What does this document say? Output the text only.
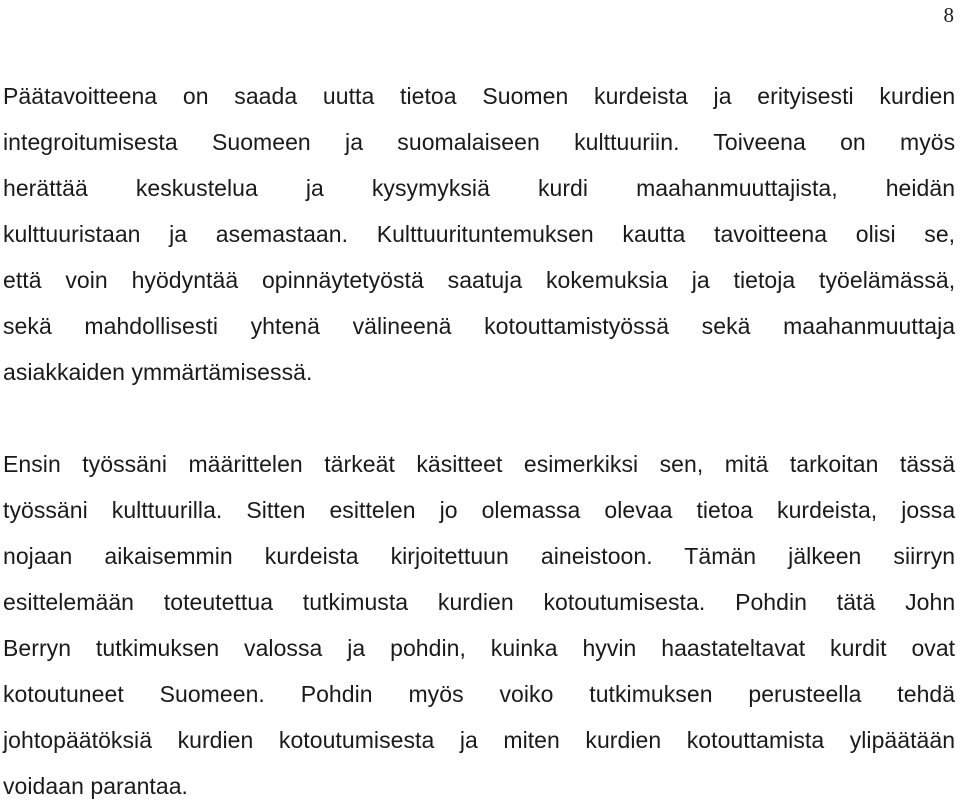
8

Päätavoitteena on saada uutta tietoa Suomen kurdeista ja erityisesti kurdien
integroitumisesta Suomeen ja suomalaiseen kulttuuriin. Toiveena on myös
herättää keskustelua ja kysymyksiä kurdi maahanmuuttajista, heidän
kulttuuristaan ja asemastaan. Kulttuurituntemuksen kautta tavoitteena olisi se,
että voin hyödyntää opinnäytetyöstä saatuja kokemuksia ja tietoja työelämässä,
sekä mahdollisesti yhtenä välineenä kotouttamistyössä sekä maahanmuuttaja
asiakkaiden ymmärtämisessä.

Ensin työssäni määrittelen tärkeät käsitteet esimerkiksi sen, mitä tarkoitan tässä
työssäni kulttuurilla. Sitten esittelen jo olemassa olevaa tietoa kurdeista, jossa
nojaan aikaisemmin kurdeista kirjoitettuun aineistoon. Tämän jälkeen siirryn
esittelemään toteutettua tutkimusta kurdien kotoutumisesta. Pohdin tätä John
Berryn tutkimuksen valossa ja pohdin, kuinka hyvin haastateltavat kurdit ovat
kotoutuneet Suomeen. Pohdin myös voiko tutkimuksen perusteella tehdä
johtopäätöksiä kurdien kotoutumisesta ja miten kurdien kotouttamista ylipäätään
voidaan parantaa.
